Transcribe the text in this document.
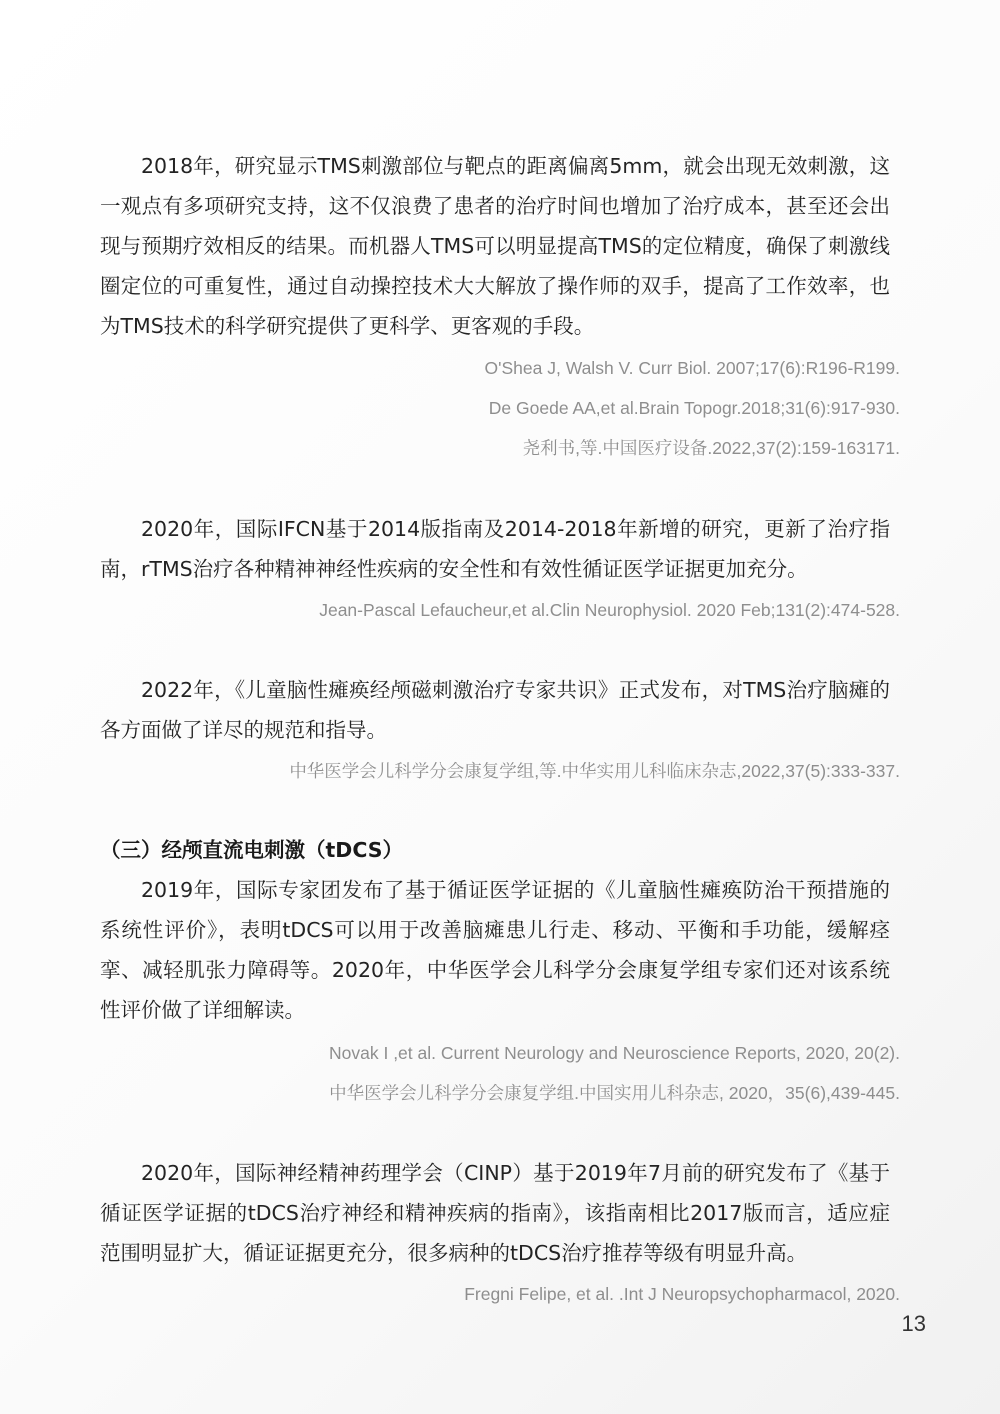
2018年，研究显示TMS刺激部位与靶点的距离偏离5mm，就会出现无效刺激，这一观点有多项研究支持，这不仅浪费了患者的治疗时间也增加了治疗成本，甚至还会出现与预期疗效相反的结果。而机器人TMS可以明显提高TMS的定位精度，确保了刺激线圈定位的可重复性，通过自动操控技术大大解放了操作师的双手，提高了工作效率，也为TMS技术的科学研究提供了更科学、更客观的手段。

O'Shea J, Walsh V. Curr Biol. 2007;17(6):R196-R199.
De Goede AA,et al.Brain Topogr.2018;31(6):917-930.
尧利书,等.中国医疗设备.2022,37(2):159-163171.

2020年，国际IFCN基于2014版指南及2014-2018年新增的研究，更新了治疗指南，rTMS治疗各种精神神经性疾病的安全性和有效性循证医学证据更加充分。

Jean-Pascal Lefaucheur,et al.Clin Neurophysiol. 2020 Feb;131(2):474-528.

2022年，《儿童脑性瘫痪经颅磁刺激治疗专家共识》正式发布，对TMS治疗脑瘫的各方面做了详尽的规范和指导。

中华医学会儿科学分会康复学组,等.中华实用儿科临床杂志,2022,37(5):333-337.
（三）经颅直流电刺激（tDCS）

2019年，国际专家团发布了基于循证医学证据的《儿童脑性瘫痪防治干预措施的系统性评价》，表明tDCS可以用于改善脑瘫患儿行走、移动、平衡和手功能，缓解痉挛、减轻肌张力障碍等。2020年，中华医学会儿科学分会康复学组专家们还对该系统性评价做了详细解读。

Novak I ,et al. Current Neurology and Neuroscience Reports, 2020, 20(2).
中华医学会儿科学分会康复学组.中国实用儿科杂志, 2020，35(6),439-445.

2020年，国际神经精神药理学会（CINP）基于2019年7月前的研究发布了《基于循证医学证据的tDCS治疗神经和精神疾病的指南》，该指南相比2017版而言，适应症范围明显扩大，循证证据更充分，很多病种的tDCS治疗推荐等级有明显升高。

Fregni Felipe, et al. .Int J Neuropsychopharmacol, 2020.
13
